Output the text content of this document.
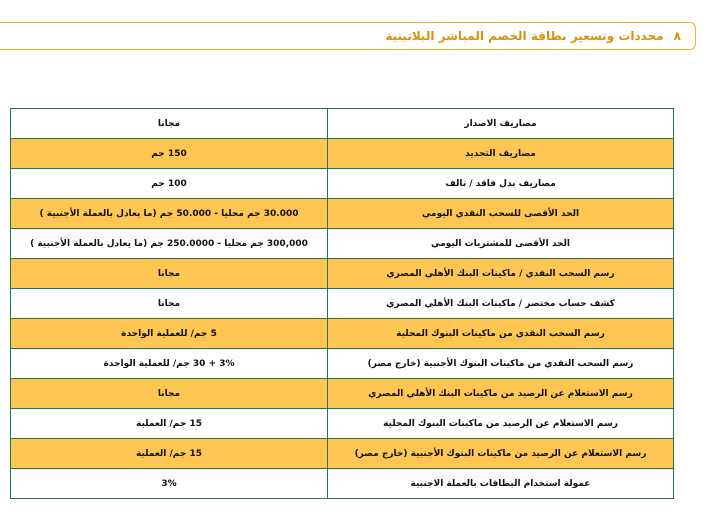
٨
محددات وتسعير بطاقة الخصم المباشر البلاتينية
مصاريف الاصدار	مجانا
مصاريف التجديد	150 جم
مصاريف بدل فاقد / تالف	100 جم
الحد الأقصى للسحب النقدي اليومي	30.000 جم محليا - 50.000 جم (ما يعادل بالعملة الأجنبية )
الحد الأقصى للمشتريات اليومي	300,000 جم محليا - 250.0000 جم (ما يعادل بالعملة الأجنبية )
رسم السحب النقدي / ماكينات البنك الأهلي المصري	مجانا
كشف حساب مختصر / ماكينات البنك الأهلي المصري	مجانا
رسم السحب النقدي من ماكينات البنوك المحلية	5 جم/ للعملية الواحدة
رسم السحب النقدي من ماكينات البنوك الأجنبية (خارج مصر)	3% + 30 جم/ للعملية الواحدة
رسم الاستعلام عن الرصيد من ماكينات البنك الأهلي المصري	مجانا
رسم الاستعلام عن الرصيد من ماكينات البنوك المحلية	15 جم/ العملية
رسم الاستعلام عن الرصيد من ماكينات البنوك الأجنبية (خارج مصر)	15 جم/ العملية
عمولة استخدام البطاقات بالعملة الاجنبية	3%
